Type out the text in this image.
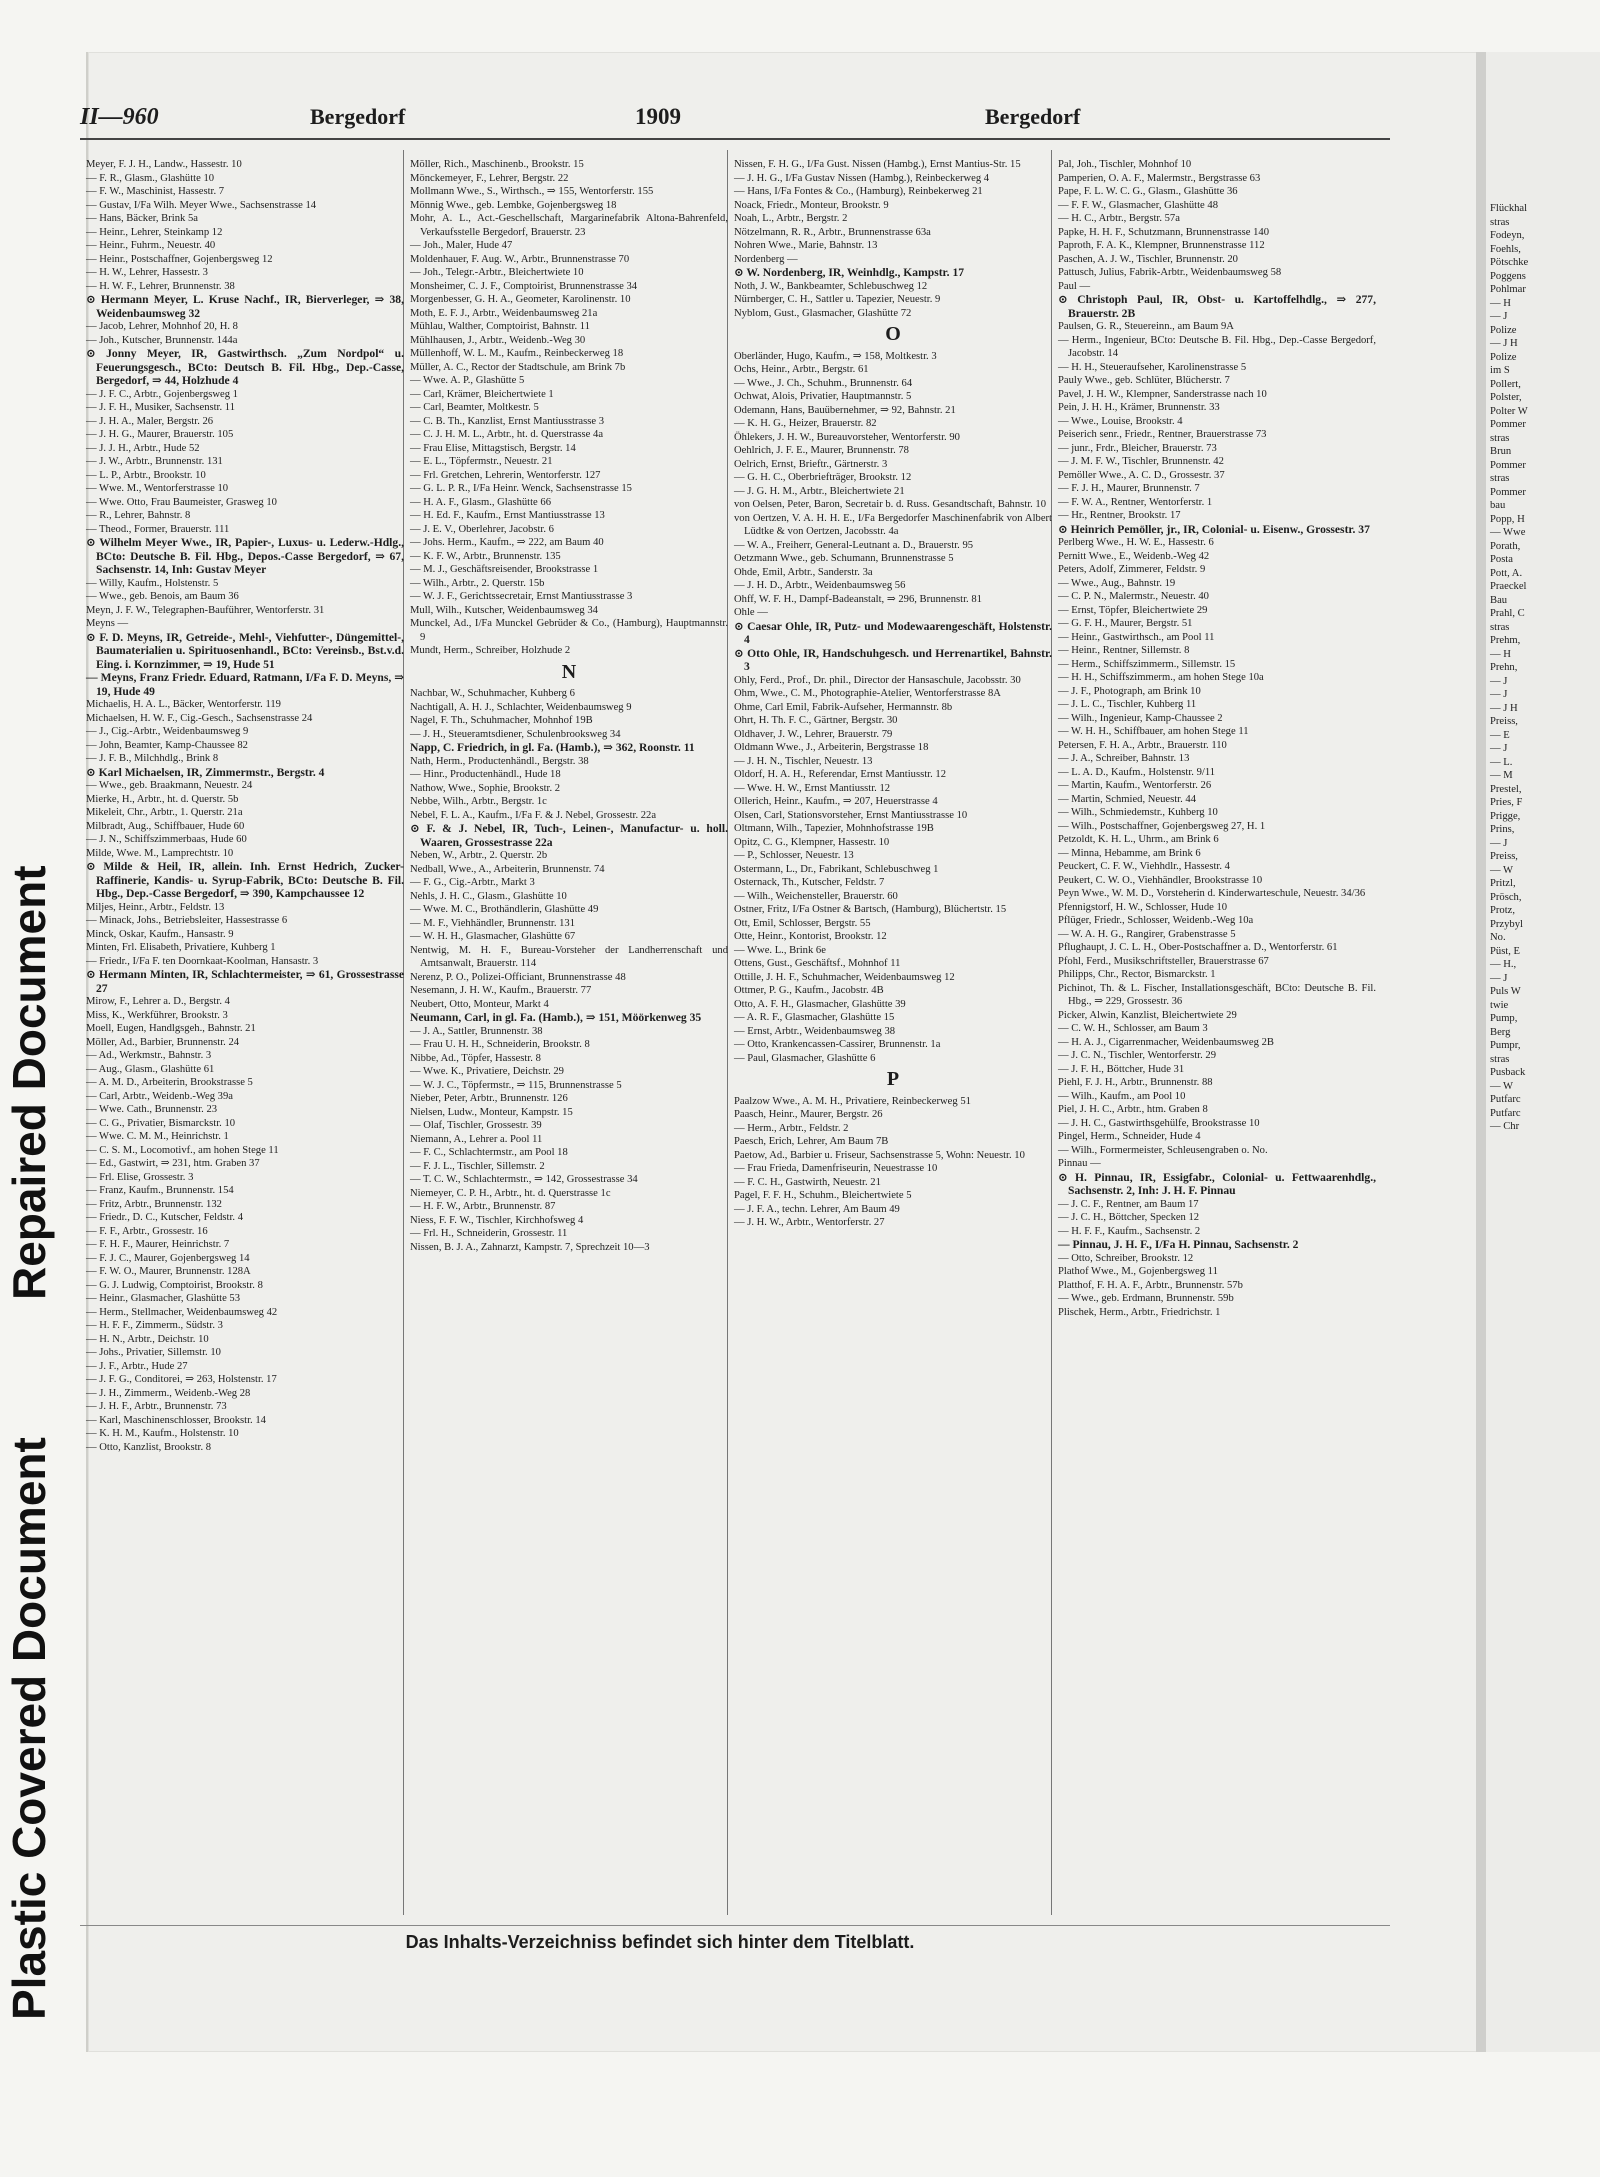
Repaired Document
Plastic Covered Document
II—960	Bergedorf	1909	Bergedorf

Meyer, F. J. H., Landw., Hassestr. 10

— F. R., Glasm., Glashütte 10

— F. W., Maschinist, Hassestr. 7

— Gustav, I/Fa Wilh. Meyer Wwe., Sachsenstrasse 14

— Hans, Bäcker, Brink 5a

— Heinr., Lehrer, Steinkamp 12

— Heinr., Fuhrm., Neuestr. 40

— Heinr., Postschaffner, Gojenbergsweg 12

— H. W., Lehrer, Hassestr. 3

— H. W. F., Lehrer, Brunnenstr. 38

⊙ Hermann Meyer, L. Kruse Nachf., IR, Bierverleger, ⇒ 38, Weidenbaumsweg 32

— Jacob, Lehrer, Mohnhof 20, H. 8

— Joh., Kutscher, Brunnenstr. 144a

⊙ Jonny Meyer, IR, Gastwirthsch. „Zum Nordpol“ u. Feuerungsgesch., BCto: Deutsch B. Fil. Hbg., Dep.-Casse, Bergedorf, ⇒ 44, Holzhude 4

— J. F. C., Arbtr., Gojenbergsweg 1

— J. F. H., Musiker, Sachsenstr. 11

— J. H. A., Maler, Bergstr. 26

— J. H. G., Maurer, Brauerstr. 105

— J. J. H., Arbtr., Hude 52

— J. W., Arbtr., Brunnenstr. 131

— L. P., Arbtr., Brookstr. 10

— Wwe. M., Wentorferstrasse 10

— Wwe. Otto, Frau Baumeister, Grasweg 10

— R., Lehrer, Bahnstr. 8

— Theod., Former, Brauerstr. 111

⊙ Wilhelm Meyer Wwe., IR, Papier-, Luxus- u. Lederw.-Hdlg., BCto: Deutsche B. Fil. Hbg., Depos.-Casse Bergedorf, ⇒ 67, Sachsenstr. 14, Inh: Gustav Meyer

— Willy, Kaufm., Holstenstr. 5

— Wwe., geb. Benois, am Baum 36

Meyn, J. F. W., Telegraphen-Bauführer, Wentorferstr. 31

Meyns —

⊙ F. D. Meyns, IR, Getreide-, Mehl-, Viehfutter-, Düngemittel-, Baumaterialien u. Spirituosenhandl., BCto: Vereinsb., Bst.v.d. Eing. i. Kornzimmer, ⇒ 19, Hude 51

— Meyns, Franz Friedr. Eduard, Ratmann, I/Fa F. D. Meyns, ⇒ 19, Hude 49

Michaelis, H. A. L., Bäcker, Wentorferstr. 119

Michaelsen, H. W. F., Cig.-Gesch., Sachsenstrasse 24

— J., Cig.-Arbtr., Weidenbaumsweg 9

— John, Beamter, Kamp-Chaussee 82

— J. F. B., Milchhdlg., Brink 8

⊙ Karl Michaelsen, IR, Zimmermstr., Bergstr. 4

— Wwe., geb. Braakmann, Neuestr. 24

Mierke, H., Arbtr., ht. d. Querstr. 5b

Mikeleit, Chr., Arbtr., 1. Querstr. 21a

Milbradt, Aug., Schiffbauer, Hude 60

— J. N., Schiffszimmerbaas, Hude 60

Milde, Wwe. M., Lamprechtstr. 10

⊙ Milde & Heil, IR, allein. Inh. Ernst Hedrich, Zucker-Raffinerie, Kandis- u. Syrup-Fabrik, BCto: Deutsche B. Fil. Hbg., Dep.-Casse Bergedorf, ⇒ 390, Kampchaussee 12

Miljes, Heinr., Arbtr., Feldstr. 13

— Minack, Johs., Betriebsleiter, Hassestrasse 6

Minck, Oskar, Kaufm., Hansastr. 9

Minten, Frl. Elisabeth, Privatiere, Kuhberg 1

— Friedr., I/Fa F. ten Doornkaat-Koolman, Hansastr. 3

⊙ Hermann Minten, IR, Schlachtermeister, ⇒ 61, Grossestrasse 27

Mirow, F., Lehrer a. D., Bergstr. 4

Miss, K., Werkführer, Brookstr. 3

Moell, Eugen, Handlgsgeh., Bahnstr. 21

Möller, Ad., Barbier, Brunnenstr. 24

— Ad., Werkmstr., Bahnstr. 3

— Aug., Glasm., Glashütte 61

— A. M. D., Arbeiterin, Brookstrasse 5

— Carl, Arbtr., Weidenb.-Weg 39a

— Wwe. Cath., Brunnenstr. 23

— C. G., Privatier, Bismarckstr. 10

— Wwe. C. M. M., Heinrichstr. 1

— C. S. M., Locomotivf., am hohen Stege 11

— Ed., Gastwirt, ⇒ 231, htm. Graben 37

— Frl. Elise, Grossestr. 3

— Franz, Kaufm., Brunnenstr. 154

— Fritz, Arbtr., Brunnenstr. 132

— Friedr., D. C., Kutscher, Feldstr. 4

— F. F., Arbtr., Grossestr. 16

— F. H. F., Maurer, Heinrichstr. 7

— F. J. C., Maurer, Gojenbergsweg 14

— F. W. O., Maurer, Brunnenstr. 128A

— G. J. Ludwig, Comptoirist, Brookstr. 8

— Heinr., Glasmacher, Glashütte 53

— Herm., Stellmacher, Weidenbaumsweg 42

— H. F. F., Zimmerm., Südstr. 3

— H. N., Arbtr., Deichstr. 10

— Johs., Privatier, Sillemstr. 10

— J. F., Arbtr., Hude 27

— J. F. G., Conditorei, ⇒ 263, Holstenstr. 17

— J. H., Zimmerm., Weidenb.-Weg 28

— J. H. F., Arbtr., Brunnenstr. 73

— Karl, Maschinenschlosser, Brookstr. 14

— K. H. M., Kaufm., Holstenstr. 10

— Otto, Kanzlist, Brookstr. 8

Möller, Rich., Maschinenb., Brookstr. 15

Mönckemeyer, F., Lehrer, Bergstr. 22

Mollmann Wwe., S., Wirthsch., ⇒ 155, Wentorferstr. 155

Mönnig Wwe., geb. Lembke, Gojenbergsweg 18

Mohr, A. L., Act.-Geschellschaft, Margarinefabrik Altona-Bahrenfeld, Verkaufsstelle Bergedorf, Brauerstr. 23

— Joh., Maler, Hude 47

Moldenhauer, F. Aug. W., Arbtr., Brunnenstrasse 70

— Joh., Telegr.-Arbtr., Bleichertwiete 10

Monsheimer, C. J. F., Comptoirist, Brunnenstrasse 34

Morgenbesser, G. H. A., Geometer, Karolinenstr. 10

Moth, E. F. J., Arbtr., Weidenbaumsweg 21a

Mühlau, Walther, Comptoirist, Bahnstr. 11

Mühlhausen, J., Arbtr., Weidenb.-Weg 30

Müllenhoff, W. L. M., Kaufm., Reinbeckerweg 18

Müller, A. C., Rector der Stadtschule, am Brink 7b

— Wwe. A. P., Glashütte 5

— Carl, Krämer, Bleichertwiete 1

— Carl, Beamter, Moltkestr. 5

— C. B. Th., Kanzlist, Ernst Mantiusstrasse 3

— C. J. H. M. L., Arbtr., ht. d. Querstrasse 4a

— Frau Elise, Mittagstisch, Bergstr. 14

— E. L., Töpfermstr., Neuestr. 21

— Frl. Gretchen, Lehrerin, Wentorferstr. 127

— G. L. P. R., I/Fa Heinr. Wenck, Sachsenstrasse 15

— H. A. F., Glasm., Glashütte 66

— H. Ed. F., Kaufm., Ernst Mantiusstrasse 13

— J. E. V., Oberlehrer, Jacobstr. 6

— Johs. Herm., Kaufm., ⇒ 222, am Baum 40

— K. F. W., Arbtr., Brunnenstr. 135

— M. J., Geschäftsreisender, Brookstrasse 1

— Wilh., Arbtr., 2. Querstr. 15b

— W. J. F., Gerichtssecretair, Ernst Mantiusstrasse 3

Mull, Wilh., Kutscher, Weidenbaumsweg 34

Munckel, Ad., I/Fa Munckel Gebrüder & Co., (Hamburg), Hauptmannstr. 9

Mundt, Herm., Schreiber, Holzhude 2

N

Nachbar, W., Schuhmacher, Kuhberg 6

Nachtigall, A. H. J., Schlachter, Weidenbaumsweg 9

Nagel, F. Th., Schuhmacher, Mohnhof 19B

— J. H., Steueramtsdiener, Schulenbrooksweg 34

Napp, C. Friedrich, in gl. Fa. (Hamb.), ⇒ 362, Roonstr. 11

Nath, Herm., Productenhändl., Bergstr. 38

— Hinr., Productenhändl., Hude 18

Nathow, Wwe., Sophie, Brookstr. 2

Nebbe, Wilh., Arbtr., Bergstr. 1c

Nebel, F. L. A., Kaufm., I/Fa F. & J. Nebel, Grossestr. 22a

⊙ F. & J. Nebel, IR, Tuch-, Leinen-, Manufactur- u. holl. Waaren, Grossestrasse 22a

Neben, W., Arbtr., 2. Querstr. 2b

Nedball, Wwe., A., Arbeiterin, Brunnenstr. 74

— F. G., Cig.-Arbtr., Markt 3

Nehls, J. H. C., Glasm., Glashütte 10

— Wwe. M. C., Brothändlerin, Glashütte 49

— M. F., Viehhändler, Brunnenstr. 131

— W. H. H., Glasmacher, Glashütte 67

Nentwig, M. H. F., Bureau-Vorsteher der Landherrenschaft und Amtsanwalt, Brauerstr. 114

Nerenz, P. O., Polizei-Officiant, Brunnenstrasse 48

Nesemann, J. H. W., Kaufm., Brauerstr. 77

Neubert, Otto, Monteur, Markt 4

Neumann, Carl, in gl. Fa. (Hamb.), ⇒ 151, Möörkenweg 35

— J. A., Sattler, Brunnenstr. 38

— Frau U. H. H., Schneiderin, Brookstr. 8

Nibbe, Ad., Töpfer, Hassestr. 8

— Wwe. K., Privatiere, Deichstr. 29

— W. J. C., Töpfermstr., ⇒ 115, Brunnenstrasse 5

Nieber, Peter, Arbtr., Brunnenstr. 126

Nielsen, Ludw., Monteur, Kampstr. 15

— Olaf, Tischler, Grossestr. 39

Niemann, A., Lehrer a. Pool 11

— F. C., Schlachtermstr., am Pool 18

— F. J. L., Tischler, Sillemstr. 2

— T. C. W., Schlachtermstr., ⇒ 142, Grossestrasse 34

Niemeyer, C. P. H., Arbtr., ht. d. Querstrasse 1c

— H. F. W., Arbtr., Brunnenstr. 87

Niess, F. F. W., Tischler, Kirchhofsweg 4

— Frl. H., Schneiderin, Grossestr. 11

Nissen, B. J. A., Zahnarzt, Kampstr. 7, Sprechzeit 10—3

Nissen, F. H. G., I/Fa Gust. Nissen (Hambg.), Ernst Mantius-Str. 15

— J. H. G., I/Fa Gustav Nissen (Hambg.), Reinbeckerweg 4

— Hans, I/Fa Fontes & Co., (Hamburg), Reinbekerweg 21

Noack, Friedr., Monteur, Brookstr. 9

Noah, L., Arbtr., Bergstr. 2

Nötzelmann, R. R., Arbtr., Brunnenstrasse 63a

Nohren Wwe., Marie, Bahnstr. 13

Nordenberg —

⊙ W. Nordenberg, IR, Weinhdlg., Kampstr. 17

Noth, J. W., Bankbeamter, Schlebuschweg 12

Nürnberger, C. H., Sattler u. Tapezier, Neuestr. 9

Nyblom, Gust., Glasmacher, Glashütte 72

O

Oberländer, Hugo, Kaufm., ⇒ 158, Moltkestr. 3

Ochs, Heinr., Arbtr., Bergstr. 61

— Wwe., J. Ch., Schuhm., Brunnenstr. 64

Ochwat, Alois, Privatier, Hauptmannstr. 5

Odemann, Hans, Bauübernehmer, ⇒ 92, Bahnstr. 21

— K. H. G., Heizer, Brauerstr. 82

Öhlekers, J. H. W., Bureauvorsteher, Wentorferstr. 90

Oehlrich, J. F. E., Maurer, Brunnenstr. 78

Oelrich, Ernst, Brieftr., Gärtnerstr. 3

— G. H. C., Oberbriefträger, Brookstr. 12

— J. G. H. M., Arbtr., Bleichertwiete 21

von Oelsen, Peter, Baron, Secretair b. d. Russ. Gesandtschaft, Bahnstr. 10

von Oertzen, V. A. H. H. E., I/Fa Bergedorfer Maschinenfabrik von Albert Lüdtke & von Oertzen, Jacobsstr. 4a

— W. A., Freiherr, General-Leutnant a. D., Brauerstr. 95

Oetzmann Wwe., geb. Schumann, Brunnenstrasse 5

Ohde, Emil, Arbtr., Sanderstr. 3a

— J. H. D., Arbtr., Weidenbaumsweg 56

Ohff, W. F. H., Dampf-Badeanstalt, ⇒ 296, Brunnenstr. 81

Ohle —

⊙ Caesar Ohle, IR, Putz- und Modewaarengeschäft, Holstenstr. 4

⊙ Otto Ohle, IR, Handschuhgesch. und Herrenartikel, Bahnstr. 3

Ohly, Ferd., Prof., Dr. phil., Director der Hansaschule, Jacobsstr. 30

Ohm, Wwe., C. M., Photographie-Atelier, Wentorferstrasse 8A

Ohme, Carl Emil, Fabrik-Aufseher, Hermannstr. 8b

Ohrt, H. Th. F. C., Gärtner, Bergstr. 30

Oldhaver, J. W., Lehrer, Brauerstr. 79

Oldmann Wwe., J., Arbeiterin, Bergstrasse 18

— J. H. N., Tischler, Neuestr. 13

Oldorf, H. A. H., Referendar, Ernst Mantiusstr. 12

— Wwe. H. W., Ernst Mantiusstr. 12

Ollerich, Heinr., Kaufm., ⇒ 207, Heuerstrasse 4

Olsen, Carl, Stationsvorsteher, Ernst Mantiusstrasse 10

Oltmann, Wilh., Tapezier, Mohnhofstrasse 19B

Opitz, C. G., Klempner, Hassestr. 10

— P., Schlosser, Neuestr. 13

Ostermann, L., Dr., Fabrikant, Schlebuschweg 1

Osternack, Th., Kutscher, Feldstr. 7

— Wilh., Weichensteller, Brauerstr. 60

Ostner, Fritz, I/Fa Ostner & Bartsch, (Hamburg), Blüchertstr. 15

Ott, Emil, Schlosser, Bergstr. 55

Otte, Heinr., Kontorist, Brookstr. 12

— Wwe. L., Brink 6e

Ottens, Gust., Geschäftsf., Mohnhof 11

Ottille, J. H. F., Schuhmacher, Weidenbaumsweg 12

Ottmer, P. G., Kaufm., Jacobstr. 4B

Otto, A. F. H., Glasmacher, Glashütte 39

— A. R. F., Glasmacher, Glashütte 15

— Ernst, Arbtr., Weidenbaumsweg 38

— Otto, Krankencassen-Cassirer, Brunnenstr. 1a

— Paul, Glasmacher, Glashütte 6

P

Paalzow Wwe., A. M. H., Privatiere, Reinbeckerweg 51

Paasch, Heinr., Maurer, Bergstr. 26

— Herm., Arbtr., Feldstr. 2

Paesch, Erich, Lehrer, Am Baum 7B

Paetow, Ad., Barbier u. Friseur, Sachsenstrasse 5, Wohn: Neuestr. 10

— Frau Frieda, Damenfriseurin, Neuestrasse 10

— F. C. H., Gastwirth, Neuestr. 21

Pagel, F. F. H., Schuhm., Bleichertwiete 5

— J. F. A., techn. Lehrer, Am Baum 49

— J. H. W., Arbtr., Wentorferstr. 27

Pal, Joh., Tischler, Mohnhof 10

Pamperien, O. A. F., Malermstr., Bergstrasse 63

Pape, F. L. W. C. G., Glasm., Glashütte 36

— F. F. W., Glasmacher, Glashütte 48

— H. C., Arbtr., Bergstr. 57a

Papke, H. H. F., Schutzmann, Brunnenstrasse 140

Paproth, F. A. K., Klempner, Brunnenstrasse 112

Paschen, A. J. W., Tischler, Brunnenstr. 20

Pattusch, Julius, Fabrik-Arbtr., Weidenbaumsweg 58

Paul —

⊙ Christoph Paul, IR, Obst- u. Kartoffelhdlg., ⇒ 277, Brauerstr. 2B

Paulsen, G. R., Steuereinn., am Baum 9A

— Herm., Ingenieur, BCto: Deutsche B. Fil. Hbg., Dep.-Casse Bergedorf, Jacobstr. 14

— H. H., Steueraufseher, Karolinenstrasse 5

Pauly Wwe., geb. Schlüter, Blücherstr. 7

Pavel, J. H. W., Klempner, Sanderstrasse nach 10

Pein, J. H. H., Krämer, Brunnenstr. 33

— Wwe., Louise, Brookstr. 4

Peiserich senr., Friedr., Rentner, Brauerstrasse 73

— junr., Frdr., Bleicher, Brauerstr. 73

— J. M. F. W., Tischler, Brunnenstr. 42

Pemöller Wwe., A. C. D., Grossestr. 37

— F. J. H., Maurer, Brunnenstr. 7

— F. W. A., Rentner, Wentorferstr. 1

— Hr., Rentner, Brookstr. 17

⊙ Heinrich Pemöller, jr., IR, Colonial- u. Eisenw., Grossestr. 37

Perlberg Wwe., H. W. E., Hassestr. 6

Pernitt Wwe., E., Weidenb.-Weg 42

Peters, Adolf, Zimmerer, Feldstr. 9

— Wwe., Aug., Bahnstr. 19

— C. P. N., Malermstr., Neuestr. 40

— Ernst, Töpfer, Bleichertwiete 29

— G. F. H., Maurer, Bergstr. 51

— Heinr., Gastwirthsch., am Pool 11

— Heinr., Rentner, Sillemstr. 8

— Herm., Schiffszimmerm., Sillemstr. 15

— H. H., Schiffszimmerm., am hohen Stege 10a

— J. F., Photograph, am Brink 10

— J. L. C., Tischler, Kuhberg 11

— Wilh., Ingenieur, Kamp-Chaussee 2

— W. H. H., Schiffbauer, am hohen Stege 11

Petersen, F. H. A., Arbtr., Brauerstr. 110

— J. A., Schreiber, Bahnstr. 13

— L. A. D., Kaufm., Holstenstr. 9/11

— Martin, Kaufm., Wentorferstr. 26

— Martin, Schmied, Neuestr. 44

— Wilh., Schmiedemstr., Kuhberg 10

— Wilh., Postschaffner, Gojenbergsweg 27, H. 1

Petzoldt, K. H. L., Uhrm., am Brink 6

— Minna, Hebamme, am Brink 6

Peuckert, C. F. W., Viehhdlr., Hassestr. 4

Peukert, C. W. O., Viehhändler, Brookstrasse 10

Peyn Wwe., W. M. D., Vorsteherin d. Kinderwarteschule, Neuestr. 34/36

Pfennigstorf, H. W., Schlosser, Hude 10

Pflüger, Friedr., Schlosser, Weidenb.-Weg 10a

— W. A. H. G., Rangirer, Grabenstrasse 5

Pflughaupt, J. C. L. H., Ober-Postschaffner a. D., Wentorferstr. 61

Pfohl, Ferd., Musikschriftsteller, Brauerstrasse 67

Philipps, Chr., Rector, Bismarckstr. 1

Pichinot, Th. & L. Fischer, Installationsgeschäft, BCto: Deutsche B. Fil. Hbg., ⇒ 229, Grossestr. 36

Picker, Alwin, Kanzlist, Bleichertwiete 29

— C. W. H., Schlosser, am Baum 3

— H. A. J., Cigarrenmacher, Weidenbaumsweg 2B

— J. C. N., Tischler, Wentorferstr. 29

— J. F. H., Böttcher, Hude 31

Piehl, F. J. H., Arbtr., Brunnenstr. 88

— Wilh., Kaufm., am Pool 10

Piel, J. H. C., Arbtr., htm. Graben 8

— J. H. C., Gastwirthsgehülfe, Brookstrasse 10

Pingel, Herm., Schneider, Hude 4

— Wilh., Formermeister, Schleusengraben o. No.

Pinnau —

⊙ H. Pinnau, IR, Essigfabr., Colonial- u. Fettwaarenhdlg., Sachsenstr. 2, Inh: J. H. F. Pinnau

— J. C. F., Rentner, am Baum 17

— J. C. H., Böttcher, Specken 12

— H. F. F., Kaufm., Sachsenstr. 2

— Pinnau, J. H. F., I/Fa H. Pinnau, Sachsenstr. 2

— Otto, Schreiber, Brookstr. 12

Plathof Wwe., M., Gojenbergsweg 11

Platthof, F. H. A. F., Arbtr., Brunnenstr. 57b

— Wwe., geb. Erdmann, Brunnenstr. 59b

Plischek, Herm., Arbtr., Friedrichstr. 1

Das Inhalts-Verzeichniss befindet sich hinter dem Titelblatt.

Flückhal

stras

Fodeyn,

Foehls,

Pötschke

Poggens

Pohlmar

— H

— J

Polize

— J H

Polize

im S

Pollert,

Polster,

Polter W

Pommer

stras

Brun

Pommer

stras

Pommer

bau

Popp, H

— Wwe

Porath,

Posta

Pott, A.

Praeckel

Bau

Prahl, C

stras

Prehm,

— H

Prehn,

— J

— J

— J H

Preiss,

— E

— J

— L.

— M

Prestel,

Pries, F

Prigge,

Prins,

— J

Preiss,

— W

Pritzl,

Prösch,

Protz,

Przybyl

No.

Püst, E

— H.,

— J

Puls W

twie

Pump,

Berg

Pumpr,

stras

Pusback

— W

Putfarc

Putfarc

— Chr
